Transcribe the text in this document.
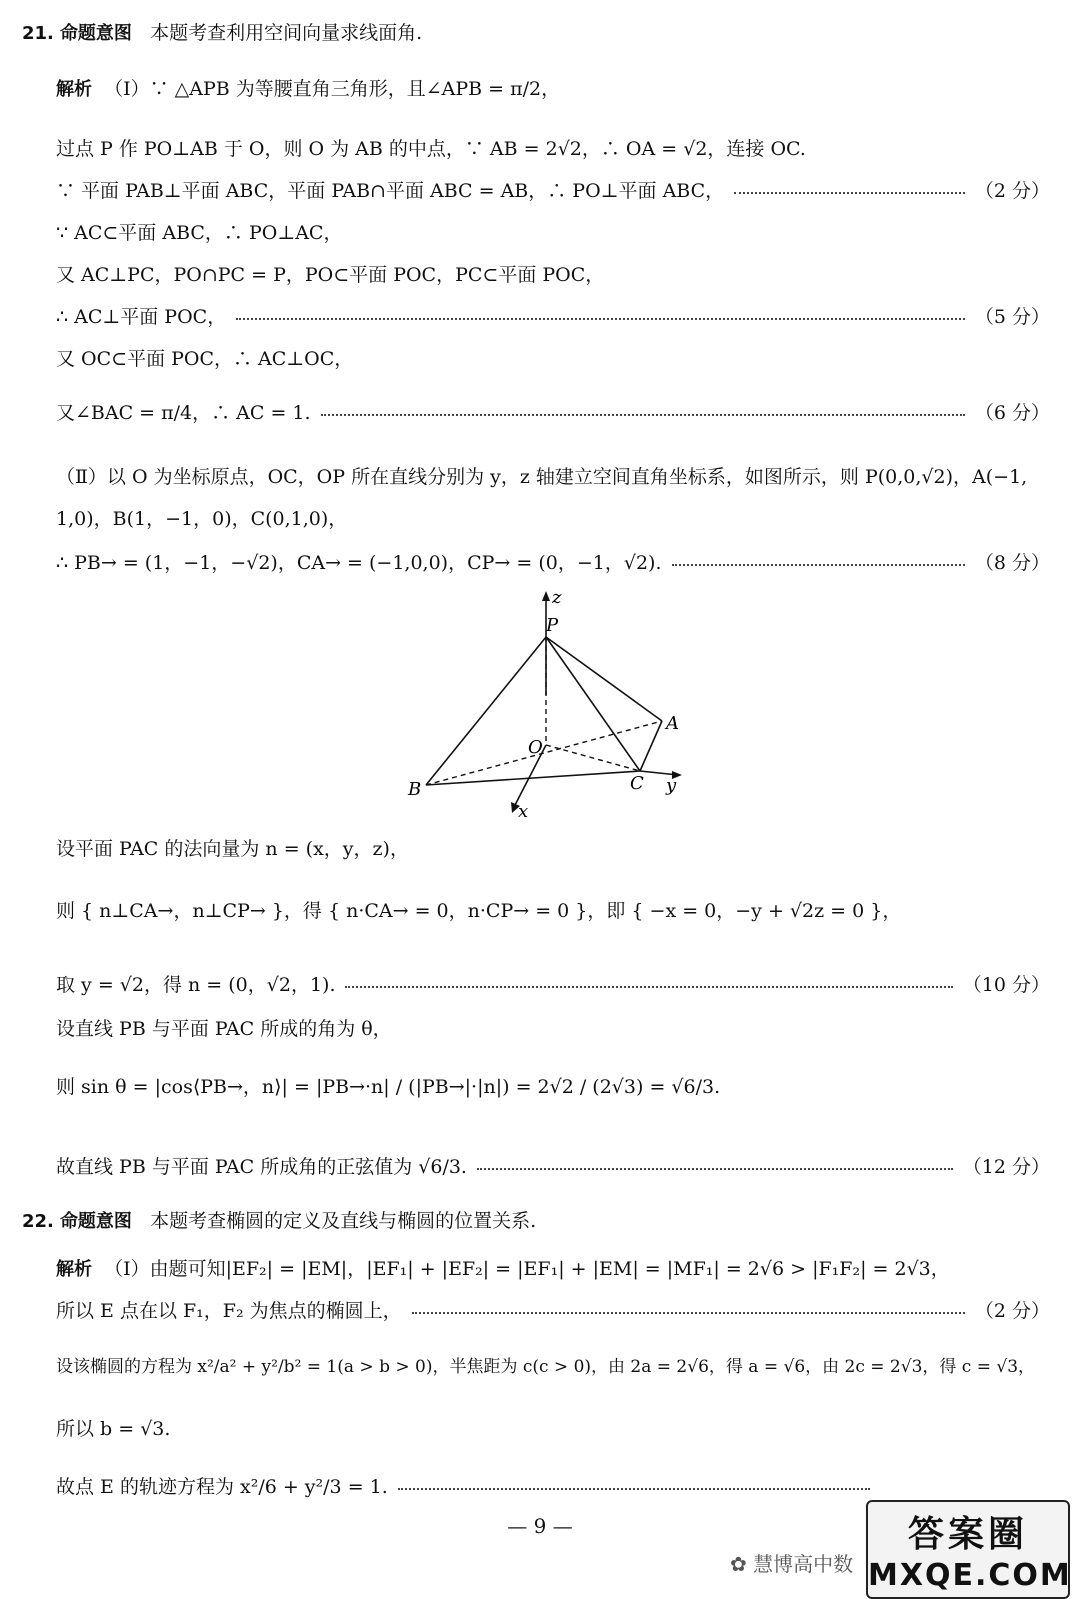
21. 命题意图 本题考查利用空间向量求线面角.
解析 （Ⅰ）∵ △APB 为等腰直角三角形，且∠APB = π/2，
过点 P 作 PO⊥AB 于 O，则 O 为 AB 的中点，∵ AB = 2√2，∴ OA = √2，连接 OC.
∵ 平面 PAB⊥平面 ABC，平面 PAB∩平面 ABC = AB，∴ PO⊥平面 ABC，	（2 分）
∵ AC⊂平面 ABC，∴ PO⊥AC，
又 AC⊥PC，PO∩PC = P，PO⊂平面 POC，PC⊂平面 POC，
∴ AC⊥平面 POC，	（5 分）
又 OC⊂平面 POC，∴ AC⊥OC，
又∠BAC = π/4，∴ AC = 1.	（6 分）
（Ⅱ）以 O 为坐标原点，OC，OP 所在直线分别为 y，z 轴建立空间直角坐标系，如图所示，则 P(0,0,√2)，A(−1,
1,0)，B(1，−1，0)，C(0,1,0)，
∴ PB→ = (1，−1，−√2)，CA→ = (−1,0,0)，CP→ = (0，−1，√2).	（8 分）
z
P
y
x
A
O
C
B
设平面 PAC 的法向量为 n = (x，y，z)，
则 { n⊥CA→，n⊥CP→ }，得 { n·CA→ = 0，n·CP→ = 0 }，即 { −x = 0，−y + √2z = 0 }，
取 y = √2，得 n = (0，√2，1).	（10 分）
设直线 PB 与平面 PAC 所成的角为 θ，
则 sin θ = |cos⟨PB→，n⟩| = |PB→·n| / (|PB→|·|n|) = 2√2 / (2√3) = √6/3.
故直线 PB 与平面 PAC 所成角的正弦值为 √6/3.	（12 分）
22. 命题意图 本题考查椭圆的定义及直线与椭圆的位置关系.
解析 （Ⅰ）由题可知|EF₂| = |EM|，|EF₁| + |EF₂| = |EF₁| + |EM| = |MF₁| = 2√6 > |F₁F₂| = 2√3，
所以 E 点在以 F₁，F₂ 为焦点的椭圆上，	（2 分）
设该椭圆的方程为 x²/a² + y²/b² = 1(a > b > 0)，半焦距为 c(c > 0)，由 2a = 2√6，得 a = √6，由 2c = 2√3，得 c = √3，
所以 b = √3.
故点 E 的轨迹方程为 x²/6 + y²/3 = 1.
— 9 —
✿ 慧博高中数
答案圈
MXQE.COM
